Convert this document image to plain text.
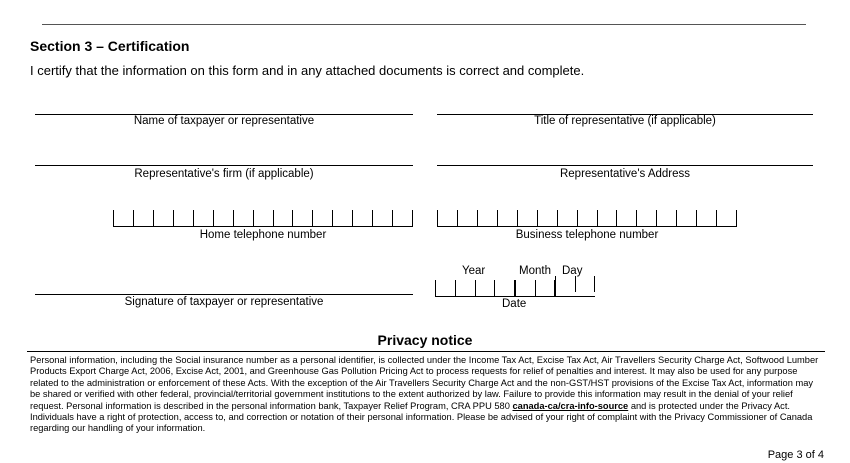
Section 3 – Certification
I certify that the information on this form and in any attached documents is correct and complete.
Name of taxpayer or representative	Title of representative (if applicable)
Representative's firm (if applicable)	Representative's Address
Home telephone number	Business telephone number
Signature of taxpayer or representative
Year	Month Day
Date
Privacy notice
Personal information, including the Social insurance number as a personal identifier, is collected under the Income Tax Act, Excise Tax Act, Air Travellers Security Charge Act, Softwood Lumber Products Export Charge Act, 2006, Excise Act, 2001, and Greenhouse Gas Pollution Pricing Act to process requests for relief of penalties and interest. It may also be used for any purpose related to the administration or enforcement of these Acts. With the exception of the Air Travellers Security Charge Act and the non-GST/HST provisions of the Excise Tax Act, information may be shared or verified with other federal, provincial/territorial government institutions to the extent authorized by law. Failure to provide this information may result in the denial of your relief request. Personal information is described in the personal information bank, Taxpayer Relief Program, CRA PPU 580 canada-ca/cra-info-source and is protected under the Privacy Act. Individuals have a right of protection, access to, and correction or notation of their personal information. Please be advised of your right of complaint with the Privacy Commissioner of Canada regarding our handling of your information.
Page 3 of 4
